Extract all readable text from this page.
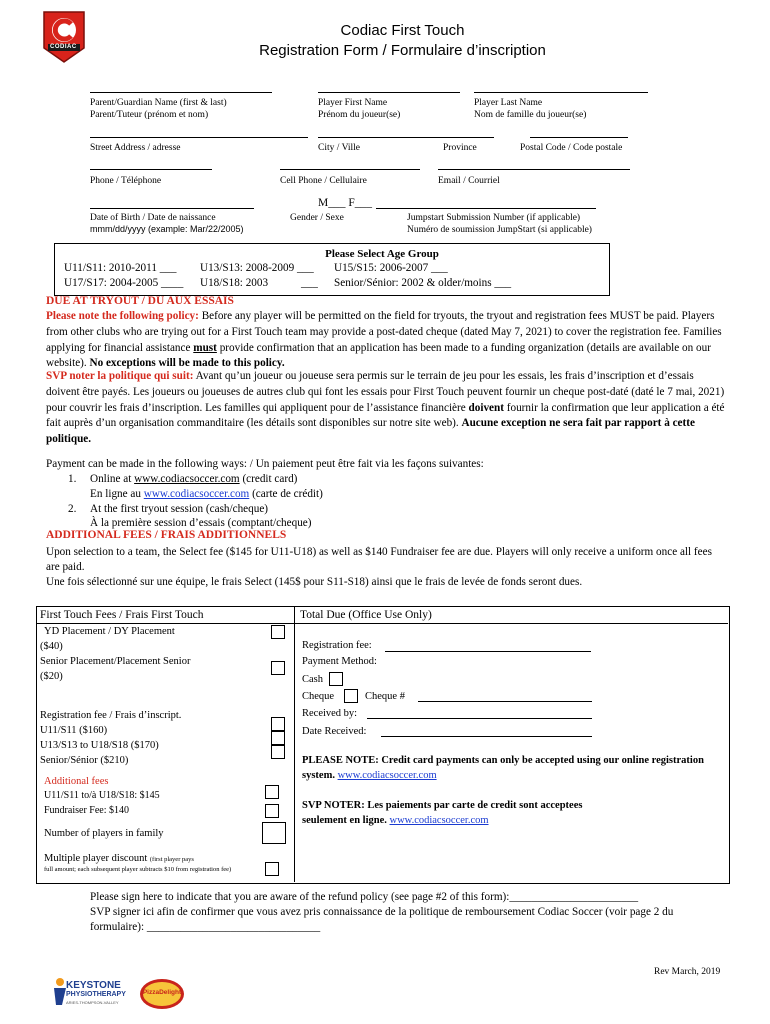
CODIAC
Codiac First Touch
Registration Form / Formulaire d’inscription
Parent/Guardian Name (first & last)
Parent/Tuteur (prénom et nom)
Player First Name
Prénom du joueur(se)
Player Last Name
Nom de famille du joueur(se)
Street Address / adresse	City / Ville	Province	Postal Code / Code postale
Phone / Téléphone	Cell Phone / Cellulaire	Email / Courriel
M___ F___
Date of Birth / Date de naissance
mmm/dd/yyyy (example: Mar/22/2005)
Gender / Sexe	Jumpstart Submission Number (if applicable)
Numéro de soumission JumpStart (si applicable)
Please Select Age Group
U11/S11: 2010-2011 ___ U13/S13: 2008-2009 ___ U15/S15: 2006-2007 ___
U17/S17: 2004-2005 ____ U18/S18: 2003	___ Senior/Sénior: 2002 & older/moins ___
DUE AT TRYOUT / DU AUX ESSAIS
Please note the following policy: Before any player will be permitted on the field for tryouts, the tryout and registration fees MUST be paid. Players from other clubs who are trying out for a First Touch team may provide a post-dated cheque (dated May 7, 2021) to cover the registration fee. Families applying for financial assistance must provide confirmation that an application has been made to a funding organization (details are available on our website). No exceptions will be made to this policy.
SVP noter la politique qui suit: Avant qu’un joueur ou joueuse sera permis sur le terrain de jeu pour les essais, les frais d’inscription et d’essais doivent être payés. Les joueurs ou joueuses de autres club qui font les essais pour First Touch peuvent fournir un cheque post-daté (daté le 7 mai, 2021) pour couvrir les frais d’inscription. Les familles qui appliquent pour de l’assistance financière doivent fournir la confirmation que leur application a été fait auprès d’un organisation commanditaire (les détails sont disponibles sur notre site web). Aucune exception ne sera fait par rapport à cette politique.
Payment can be made in the following ways: / Un paiement peut être fait via les façons suivantes:
1. Online at www.codiacsoccer.com (credit card)
En ligne au www.codiacsoccer.com (carte de crédit)
2. At the first tryout session (cash/cheque)
À la première session d’essais (comptant/cheque)
ADDITIONAL FEES / FRAIS ADDITIONNELS
Upon selection to a team, the Select fee ($145 for U11-U18) as well as $140 Fundraiser fee are due. Players will only receive a uniform once all fees are paid.
Une fois sélectionné sur une équipe, le frais Select (145$ pour S11-S18) ainsi que le frais de levée de fonds seront dues.
First Touch Fees / Frais First Touch	Total Due (Office Use Only)
YD Placement / DY Placement
($40)
Senior Placement/Placement Senior
($20)
Registration fee / Frais d’inscript.
U11/S11 ($160)
U13/S13 to U18/S18 ($170)
Senior/Sénior ($210)
Additional fees
U11/S11 to/à U18/S18: $145
Fundraiser Fee: $140
Number of players in family
Multiple player discount (first player pays
full amount; each subsequent player subtracts $10 from registration fee)
Registration fee:
Payment Method:
Cash
Cheque	Cheque #
Received by:
Date Received:
PLEASE NOTE: Credit card payments can only be accepted using our online registration system. www.codiacsoccer.com
SVP NOTER: Les paiements par carte de credit sont acceptees seulement en ligne. www.codiacsoccer.com
Please sign here to indicate that you are aware of the refund policy (see page #2 of this form):_______________________
SVP signer ici afin de confirmer que vous avez pris connaissance de la politique de remboursement Codiac Soccer (voir page 2 du formulaire): _______________________________
Rev March, 2019
KEYSTONE
PHYSIOTHERAPY
ARIES-THOMPSON-VALLEY
PizzaDelight
